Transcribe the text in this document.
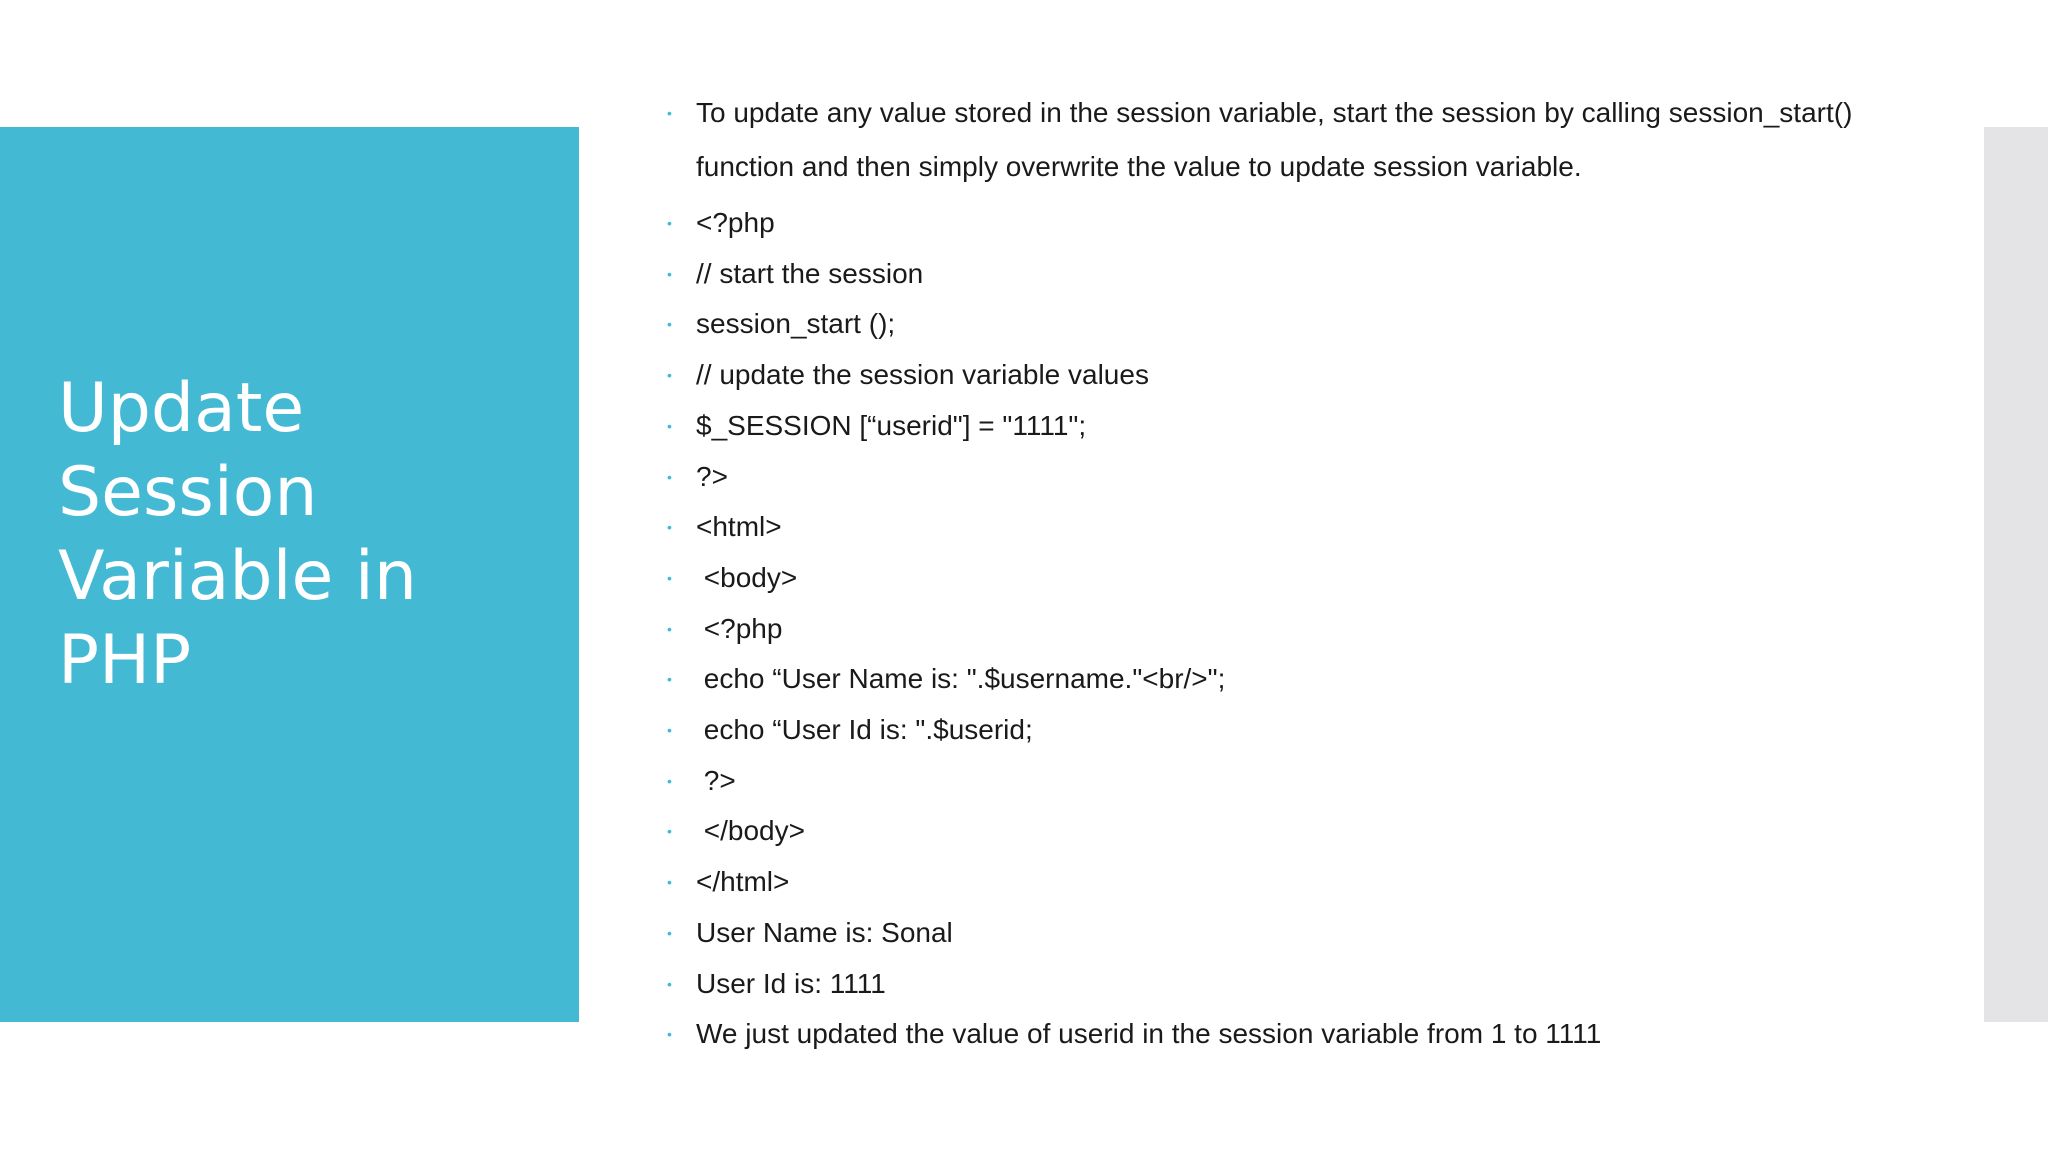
Update
Session
Variable in
PHP
• To update any value stored in the session variable, start the session by calling session_start() function and then simply overwrite the value to update session variable.
• <?php
• // start the session
• session_start ();
• // update the session variable values
• $_SESSION [“userid"] = "1111";
• ?>
• <html>
• <body>
• <?php
• echo “User Name is: ".$username."<br/>";
• echo “User Id is: ".$userid;
• ?>
• </body>
• </html>
• User Name is: Sonal
• User Id is: 1111
• We just updated the value of userid in the session variable from 1 to 1111
